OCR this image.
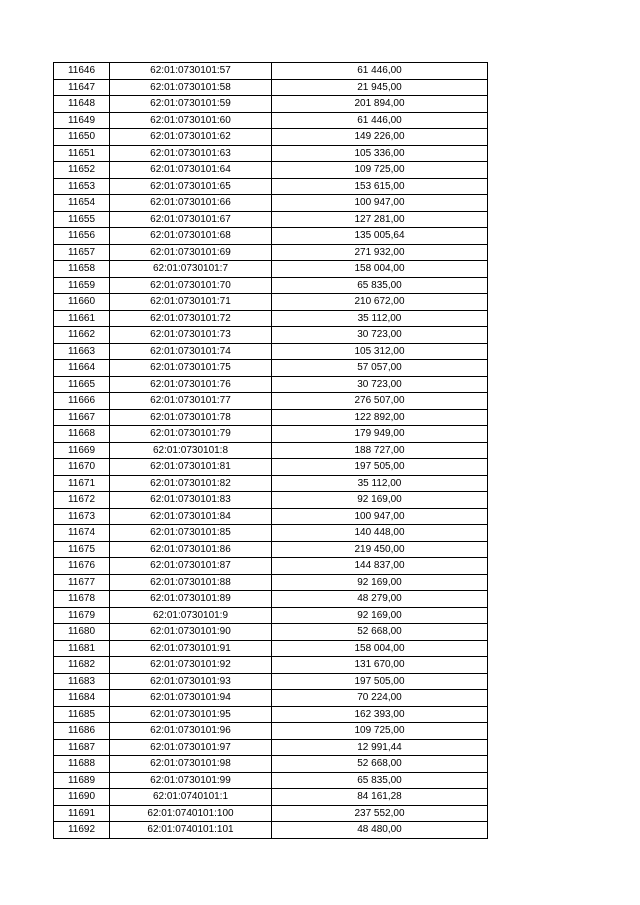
11646	62:01:0730101:57	61 446,00
11647	62:01:0730101:58	21 945,00
11648	62:01:0730101:59	201 894,00
11649	62:01:0730101:60	61 446,00
11650	62:01:0730101:62	149 226,00
11651	62:01:0730101:63	105 336,00
11652	62:01:0730101:64	109 725,00
11653	62:01:0730101:65	153 615,00
11654	62:01:0730101:66	100 947,00
11655	62:01:0730101:67	127 281,00
11656	62:01:0730101:68	135 005,64
11657	62:01:0730101:69	271 932,00
11658	62:01:0730101:7	158 004,00
11659	62:01:0730101:70	65 835,00
11660	62:01:0730101:71	210 672,00
11661	62:01:0730101:72	35 112,00
11662	62:01:0730101:73	30 723,00
11663	62:01:0730101:74	105 312,00
11664	62:01:0730101:75	57 057,00
11665	62:01:0730101:76	30 723,00
11666	62:01:0730101:77	276 507,00
11667	62:01:0730101:78	122 892,00
11668	62:01:0730101:79	179 949,00
11669	62:01:0730101:8	188 727,00
11670	62:01:0730101:81	197 505,00
11671	62:01:0730101:82	35 112,00
11672	62:01:0730101:83	92 169,00
11673	62:01:0730101:84	100 947,00
11674	62:01:0730101:85	140 448,00
11675	62:01:0730101:86	219 450,00
11676	62:01:0730101:87	144 837,00
11677	62:01:0730101:88	92 169,00
11678	62:01:0730101:89	48 279,00
11679	62:01:0730101:9	92 169,00
11680	62:01:0730101:90	52 668,00
11681	62:01:0730101:91	158 004,00
11682	62:01:0730101:92	131 670,00
11683	62:01:0730101:93	197 505,00
11684	62:01:0730101:94	70 224,00
11685	62:01:0730101:95	162 393,00
11686	62:01:0730101:96	109 725,00
11687	62:01:0730101:97	12 991,44
11688	62:01:0730101:98	52 668,00
11689	62:01:0730101:99	65 835,00
11690	62:01:0740101:1	84 161,28
11691	62:01:0740101:100	237 552,00
11692	62:01:0740101:101	48 480,00
